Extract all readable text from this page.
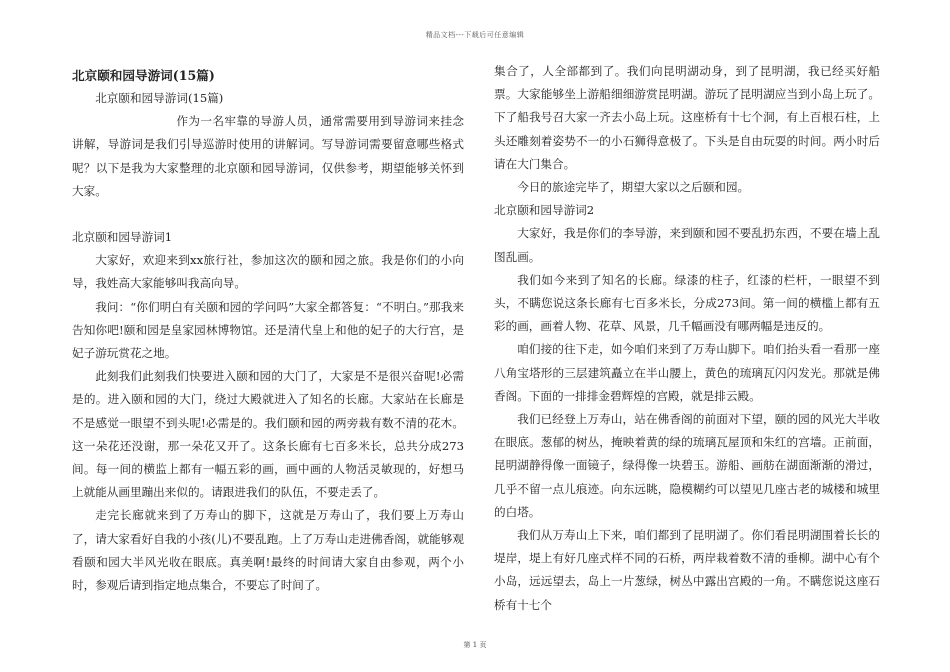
精品文档---下载后可任意编辑
北京颐和园导游词(15篇)

北京颐和园导游词(15篇)

作为一名牢靠的导游人员，通常需要用到导游词来挂念讲解，导游词是我们引导巡游时使用的讲解词。写导游词需要留意哪些格式呢？以下是我为大家整理的北京颐和园导游词，仅供参考，期望能够关怀到大家。

北京颐和园导游词1

大家好，欢迎来到xx旅行社，参加这次的颐和园之旅。我是你们的小向导，我姓高大家能够叫我高向导。

我问：“你们明白有关颐和园的学问吗”大家全都答复：“不明白。”那我来告知你吧!颐和园是皇家园林博物馆。还是清代皇上和他的妃子的大行宫，是妃子游玩赏花之地。

此刻我们此刻我们快要进入颐和园的大门了，大家是不是很兴奋呢!必需是的。进入颐和园的大门，绕过大殿就进入了知名的长廊。大家站在长廊是不是感觉一眼望不到头呢!必需是的。我们颐和园的两旁栽有数不清的花木。这一朵花还没谢，那一朵花又开了。这条长廊有七百多米长，总共分成273间。每一间的横监上都有一幅五彩的画，画中画的人物活灵敏现的，好想马上就能从画里蹦出来似的。请跟进我们的队伍，不要走丢了。

走完长廊就来到了万寿山的脚下，这就是万寿山了，我们要上万寿山了，请大家看好自我的小孩(儿)不要乱跑。上了万寿山走进佛香阁，就能够观看颐和园大半风光收在眼底。真美啊!最终的时间请大家自由参观，两个小时，参观后请到指定地点集合，不要忘了时间了。

集合了，人全部都到了。我们向昆明湖动身，到了昆明湖，我已经买好船票。大家能够坐上游船细细游赏昆明湖。游玩了昆明湖应当到小岛上玩了。下了船我号召大家一齐去小岛上玩。这座桥有十七个洞，有上百根石柱，上头还雕刻着姿势不一的小石狮得意极了。下头是自由玩耍的时间。两小时后请在大门集合。

今日的旅途完毕了，期望大家以之后颐和园。

北京颐和园导游词2

大家好，我是你们的李导游，来到颐和园不要乱扔东西，不要在墙上乱图乱画。

我们如今来到了知名的长廊。绿漆的柱子，红漆的栏杆，一眼望不到头，不瞒您说这条长廊有七百多米长，分成273间。第一间的横槛上都有五彩的画，画着人物、花草、风景，几千幅画没有哪两幅是违反的。

咱们接的往下走，如今咱们来到了万寿山脚下。咱们抬头看一看那一座八角宝塔形的三层建筑矗立在半山腰上，黄色的琉璃瓦闪闪发光。那就是佛香阁。下面的一排排金碧辉煌的宫殿，就是排云殿。

我们已经登上万寿山，站在佛香阁的前面对下望，颐的园的风光大半收在眼底。葱郁的树丛，掩映着黄的绿的琉璃瓦屋顶和朱红的宫墙。正前面，昆明湖静得像一面镜子，绿得像一块碧玉。游船、画舫在湖面渐渐的滑过，几乎不留一点儿痕迹。向东远眺，隐模糊约可以望见几座古老的城楼和城里的白塔。

我们从万寿山上下来，咱们都到了昆明湖了。你们看昆明湖围着长长的堤岸，堤上有好几座式样不同的石桥，两岸栽着数不清的垂柳。湖中心有个小岛，远远望去，岛上一片葱绿，树丛中露出宫殿的一角。不瞒您说这座石桥有十七个

第 1 页
